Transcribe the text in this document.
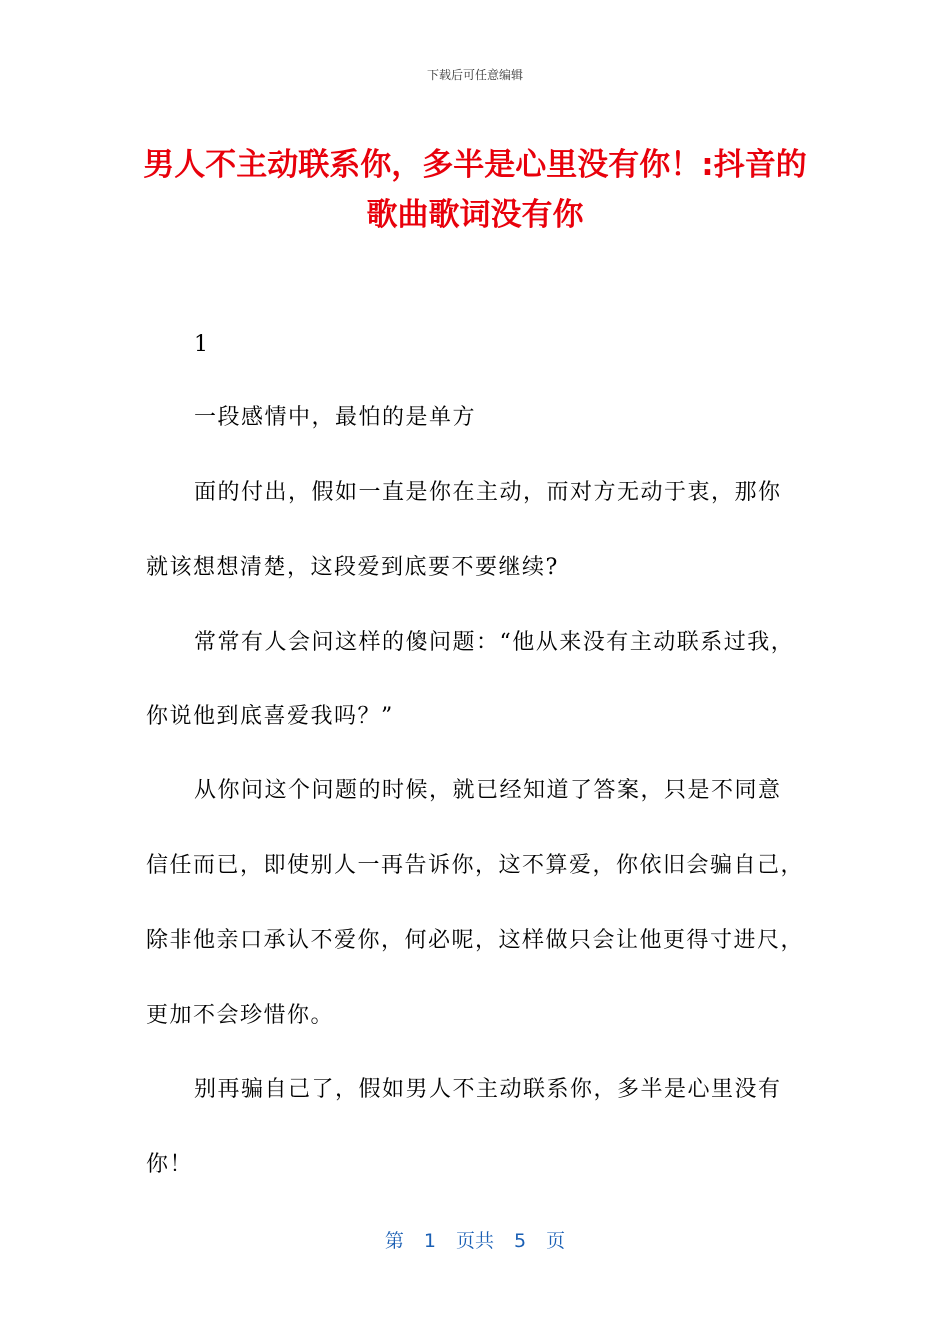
下载后可任意编辑
男人不主动联系你，多半是心里没有你！:抖音的歌曲歌词没有你
1
一段感情中，最怕的是单方
面的付出，假如一直是你在主动，而对方无动于衷，那你
就该想想清楚，这段爱到底要不要继续?
常常有人会问这样的傻问题：“他从来没有主动联系过我，
你说他到底喜爱我吗？”
从你问这个问题的时候，就已经知道了答案，只是不同意
信任而已，即使别人一再告诉你，这不算爱，你依旧会骗自己，
除非他亲口承认不爱你，何必呢，这样做只会让他更得寸进尺，
更加不会珍惜你。
别再骗自己了，假如男人不主动联系你，多半是心里没有
你！
第 1 页共 5 页
